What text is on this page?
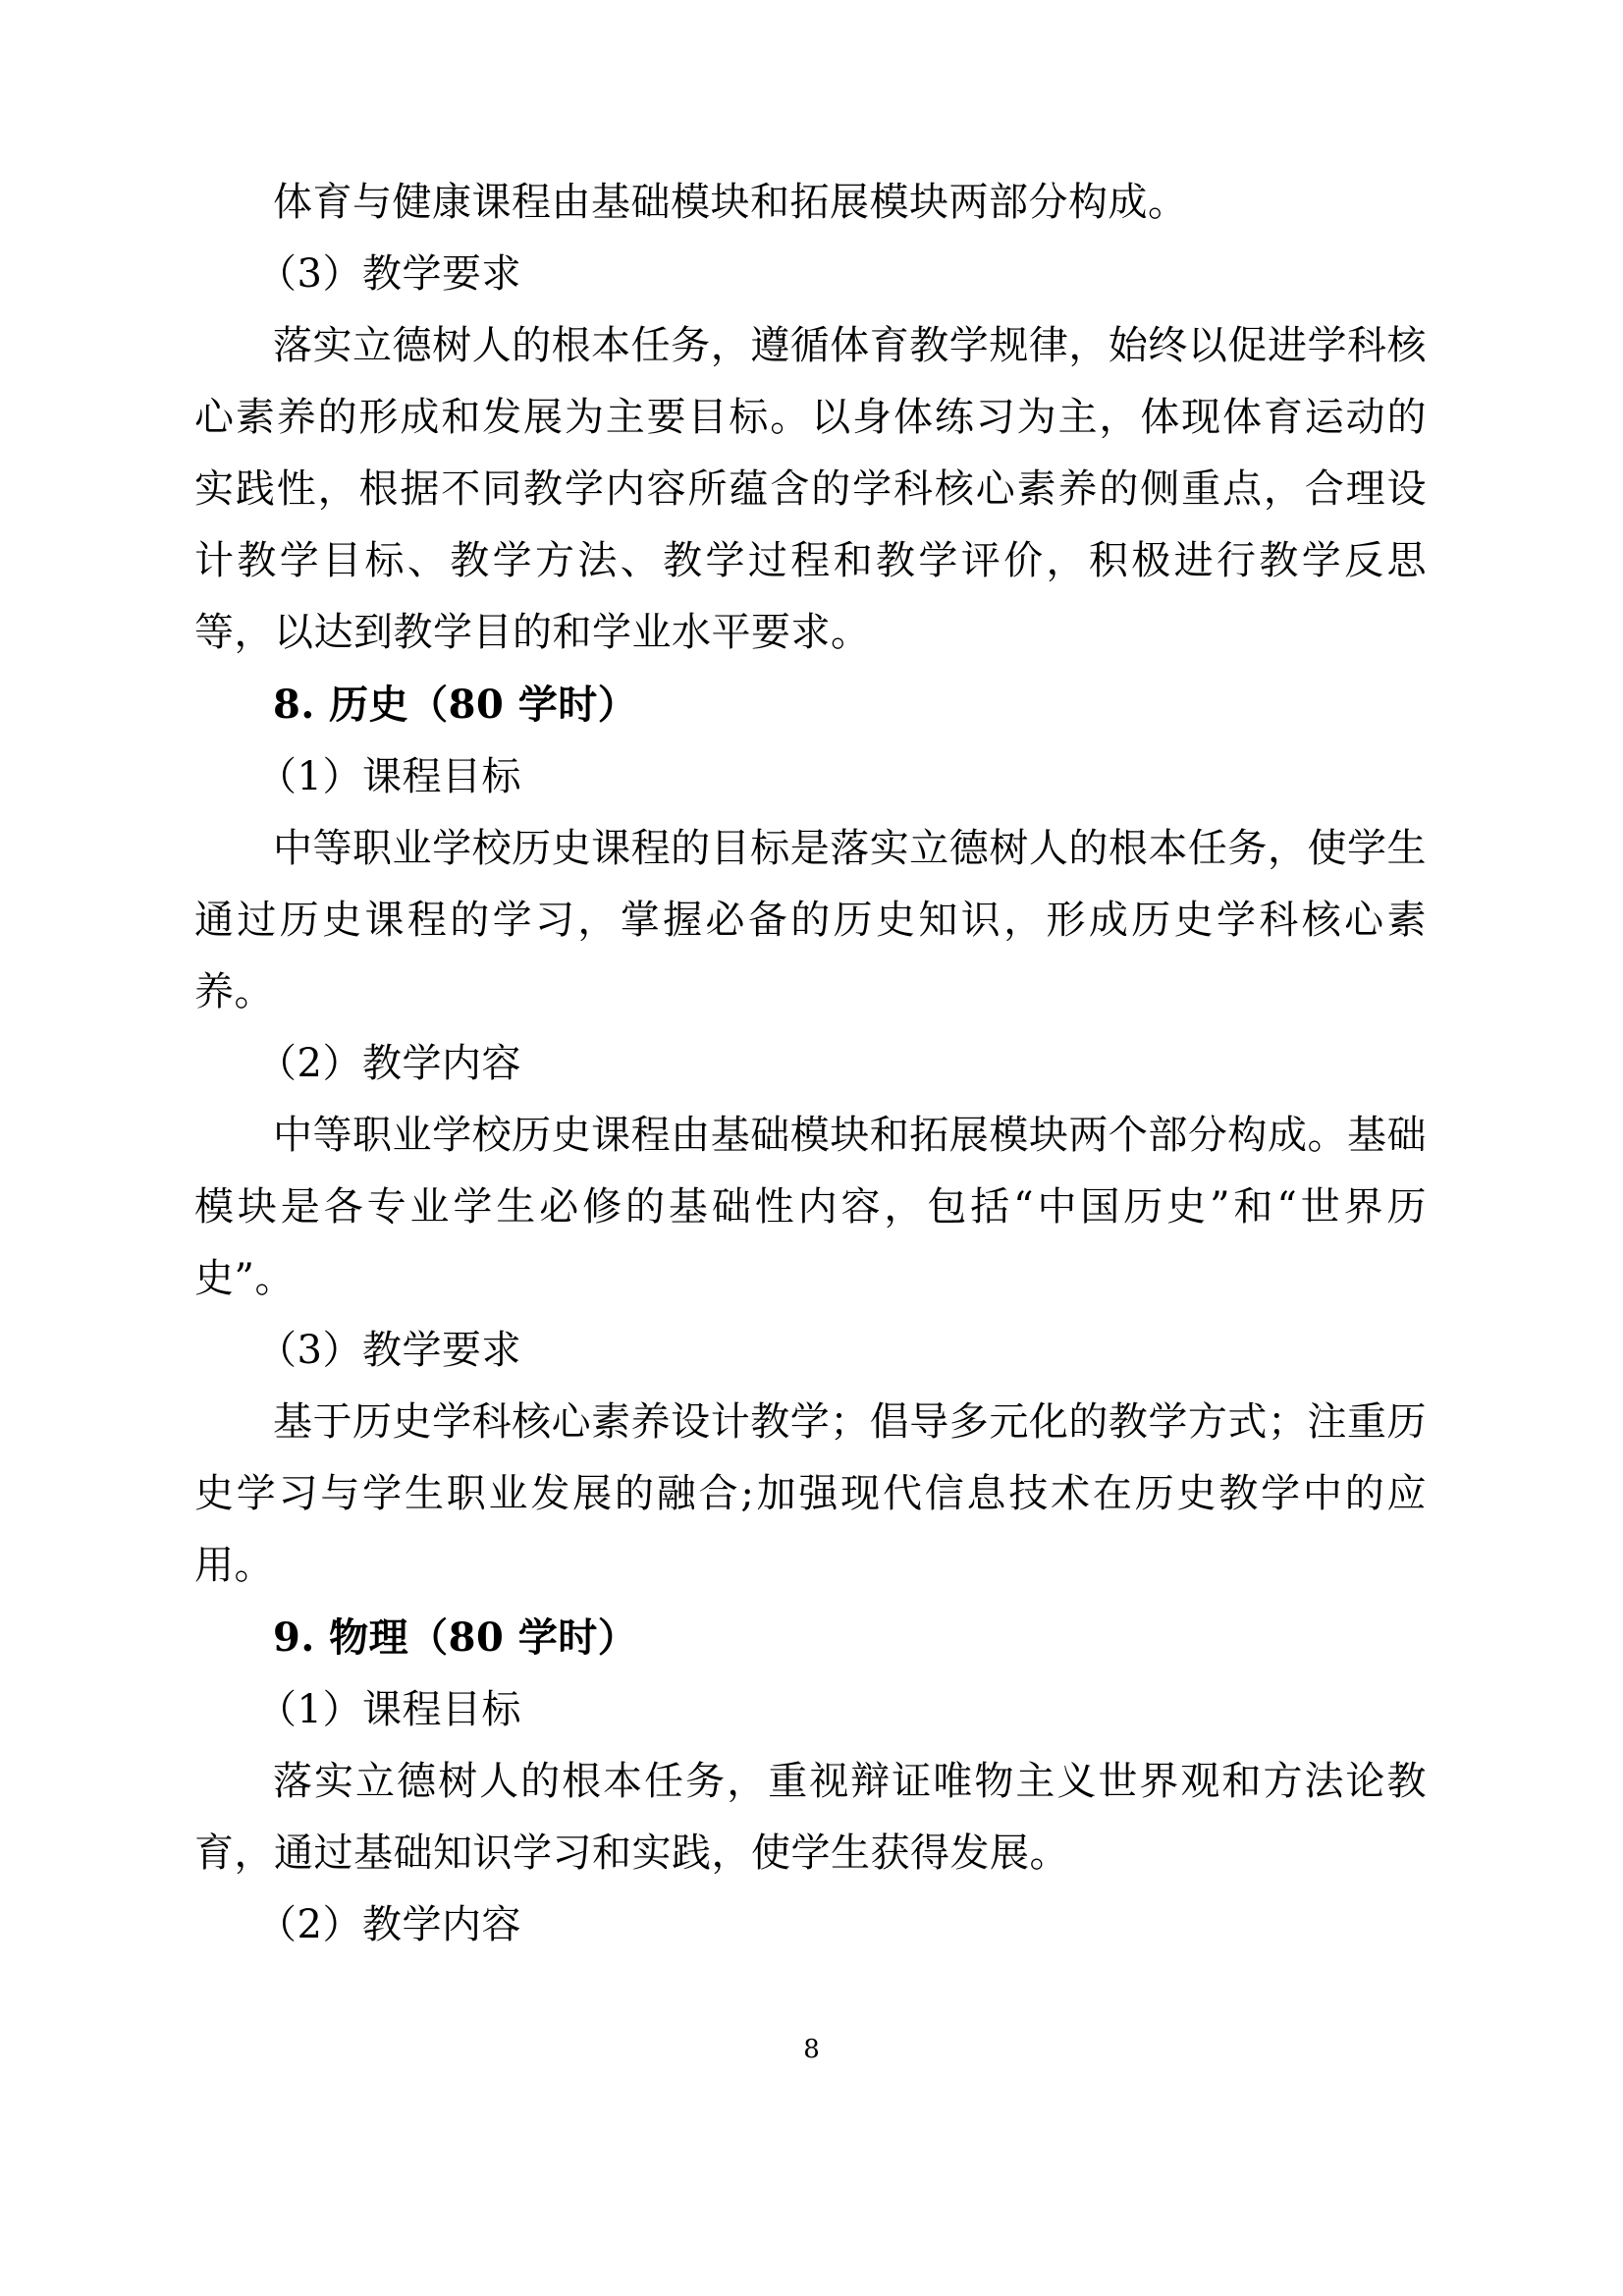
体育与健康课程由基础模块和拓展模块两部分构成。

（3）教学要求

落实立德树人的根本任务，遵循体育教学规律，始终以促进学科核心素养的形成和发展为主要目标。以身体练习为主，体现体育运动的实践性，根据不同教学内容所蕴含的学科核心素养的侧重点，合理设计教学目标、教学方法、教学过程和教学评价，积极进行教学反思等，以达到教学目的和学业水平要求。

8. 历史（80 学时）

（1）课程目标

中等职业学校历史课程的目标是落实立德树人的根本任务，使学生通过历史课程的学习，掌握必备的历史知识，形成历史学科核心素养。

（2）教学内容

中等职业学校历史课程由基础模块和拓展模块两个部分构成。基础模块是各专业学生必修的基础性内容，包括“中国历史”和“世界历史”。

（3）教学要求

基于历史学科核心素养设计教学；倡导多元化的教学方式；注重历史学习与学生职业发展的融合;加强现代信息技术在历史教学中的应用。

9. 物理（80 学时）

（1）课程目标

落实立德树人的根本任务，重视辩证唯物主义世界观和方法论教育，通过基础知识学习和实践，使学生获得发展。

（2）教学内容

8
